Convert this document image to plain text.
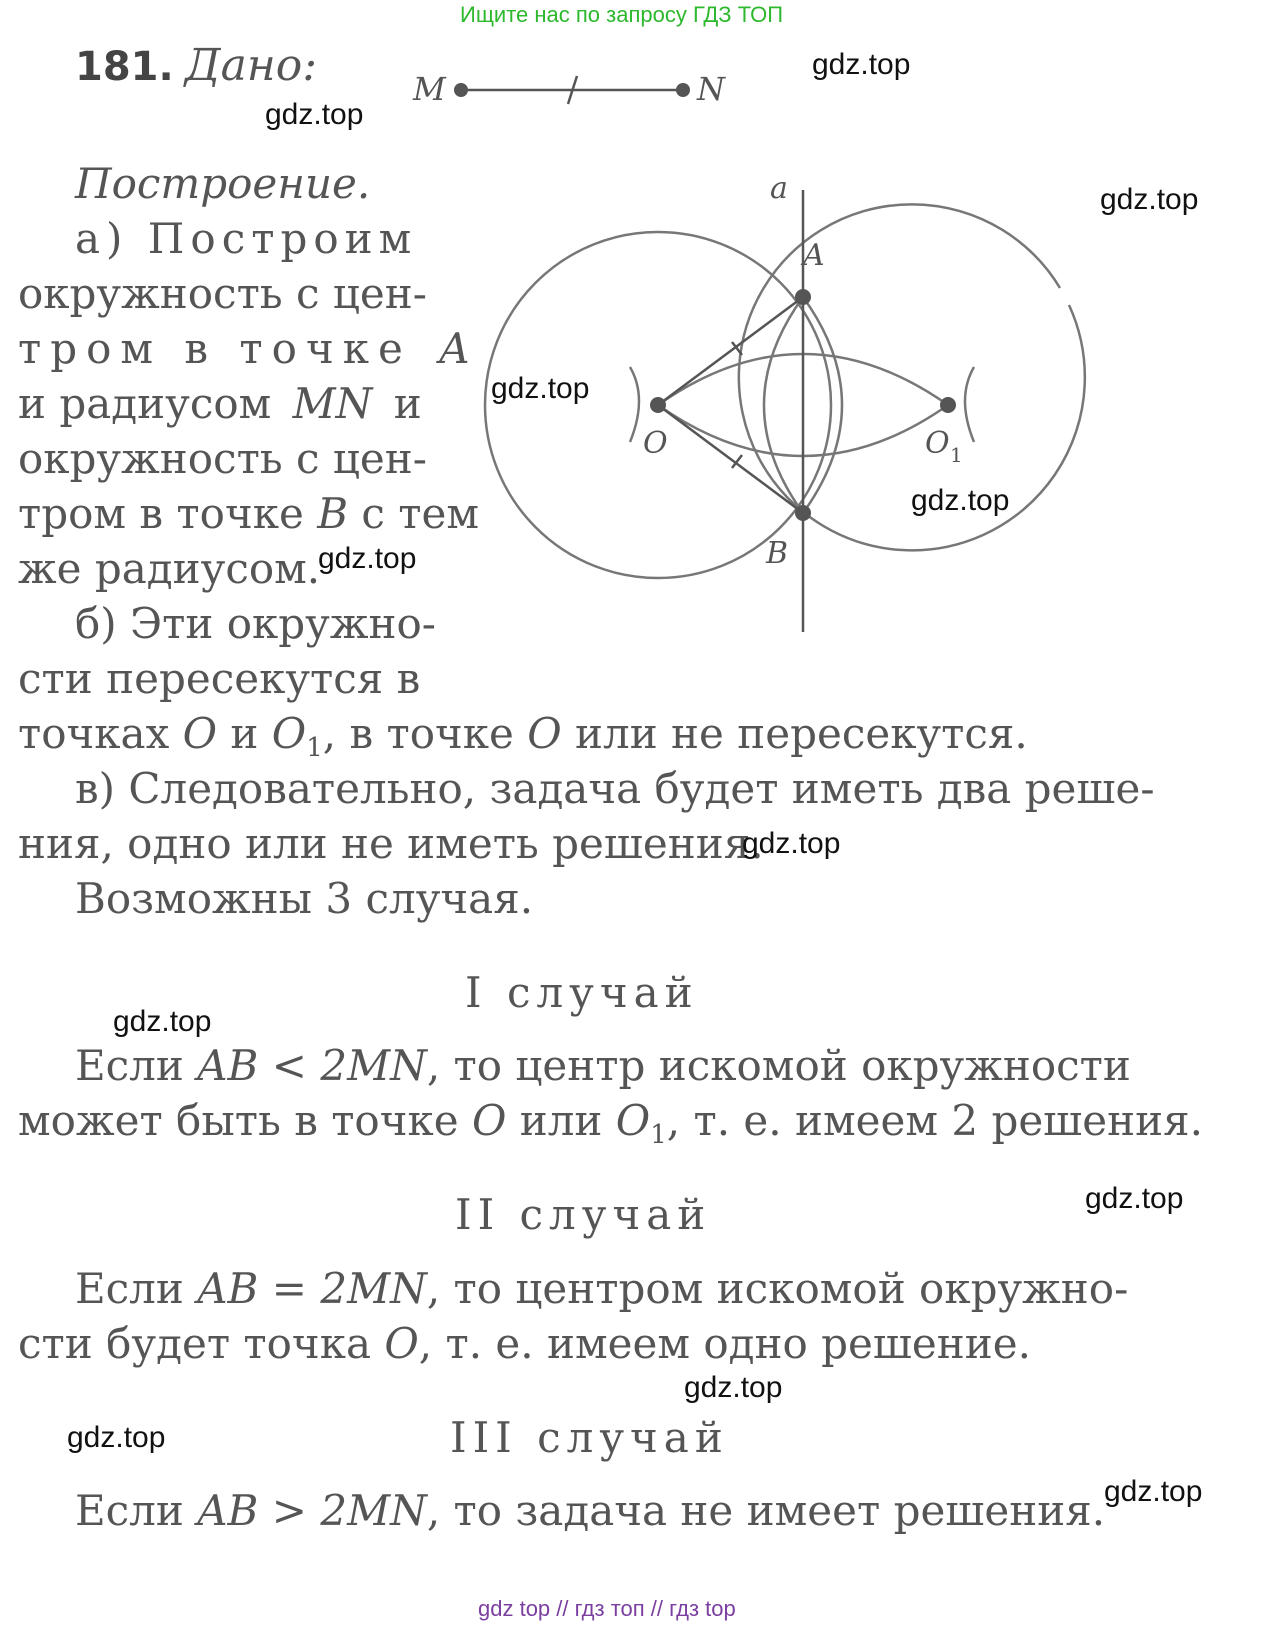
Ищите нас по запросу ГДЗ ТОП
gdz top // гдз топ // гдз top
181. Дано:	M	N
Построение.
а) Построим
окружность с цен-
тром в точке A
и радиусом MN и
окружность с цен-
тром в точке B с тем
же радиусом.
б) Эти окружно-
сти пересекутся в
точках O и $O_1$, в точке O или не пересекутся.
в) Следовательно, задача будет иметь два реше-
ния, одно или не иметь решения.
Возможны 3 случая.
a
A
B
O	O 1
I случай
Если AB < 2MN, то центр искомой окружности
может быть в точке O или $O_1$, т. е. имеем 2 решения.
II случай
Если AB = 2MN, то центром искомой окружно-
сти будет точка O, т. е. имеем одно решение.
III случай
Если AB > 2MN, то задача не имеет решения.
gdz.top
gdz.top
gdz.top
gdz.top
gdz.top
gdz.top
gdz.top
gdz.top
gdz.top
gdz.top
gdz.top
gdz.top
